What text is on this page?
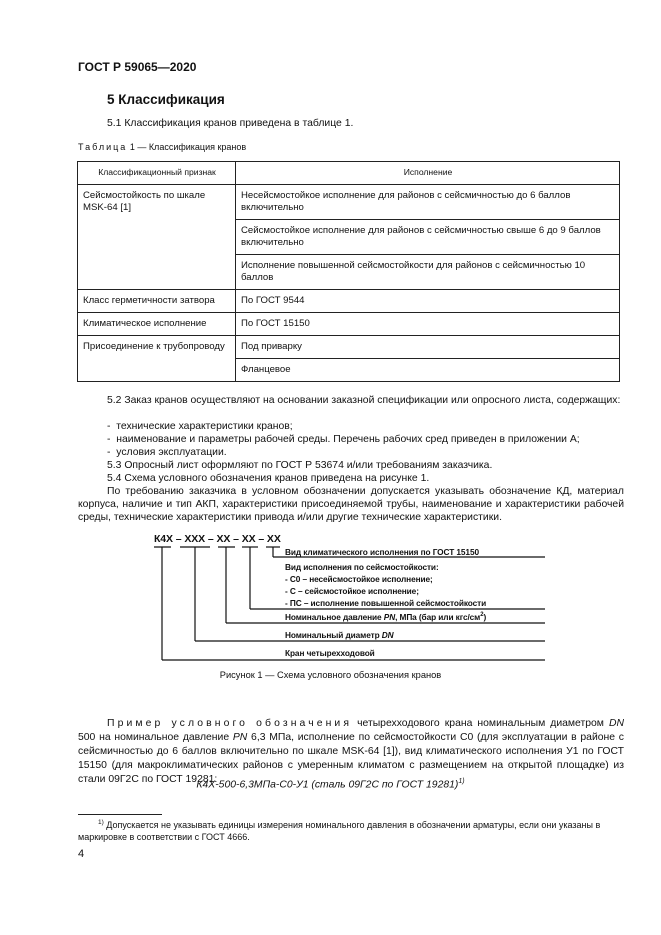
ГОСТ Р 59065—2020
5 Классификация
5.1 Классификация кранов приведена в таблице 1.
Таблица 1 — Классификация кранов
Классификационный признак	Исполнение
Сейсмостойкость по шкале MSK-64 [1]	Несейсмостойкое исполнение для районов с сейсмичностью до 6 баллов включительно
	Сейсмостойкое исполнение для районов с сейсмичностью свыше 6 до 9 баллов включительно
	Исполнение повышенной сейсмостойкости для районов с сейсмичностью 10 баллов
Класс герметичности затвора	По ГОСТ 9544
Климатическое исполнение	По ГОСТ 15150
Присоединение к трубопроводу	Под приварку
	Фланцевое
5.2 Заказ кранов осуществляют на основании заказной спецификации или опросного листа, содержащих:
- технические характеристики кранов;
- наименование и параметры рабочей среды. Перечень рабочих сред приведен в приложении А;
- условия эксплуатации.
5.3 Опросный лист оформляют по ГОСТ Р 53674 и/или требованиям заказчика.
5.4 Схема условного обозначения кранов приведена на рисунке 1.
По требованию заказчика в условном обозначении допускается указывать обозначение КД, материал корпуса, наличие и тип АКП, характеристики присоединяемой трубы, наименование и характеристики рабочей среды, технические характеристики привода и/или другие технические характеристики.
К4Х – ХХХ – ХХ – ХХ – ХХ
Вид климатического исполнения по ГОСТ 15150
Вид исполнения по сейсмостойкости:
- С0 – несейсмостойкое исполнение;
- С – сейсмостойкое исполнение;
- ПС – исполнение повышенной сейсмостойкости
Номинальное давление PN, МПа (бар или кгс/$см^2$)
Номинальный диаметр DN
Кран четырехходовой
Рисунок 1 — Схема условного обозначения кранов
Пример условного обозначения четырехходового крана номинальным диаметром DN 500 на номинальное давление PN 6,3 МПа, исполнение по сейсмостойкости С0 (для эксплуатации в районе с сейсмичностью до 6 баллов включительно по шкале MSK-64 [1]), вид климатического исполнения У1 по ГОСТ 15150 (для макроклиматических районов с умеренным климатом с размещением на открытой площадке) из стали 09Г2С по ГОСТ 19281:
К4Х-500-6,3МПа-С0-У1 (сталь 09Г2С по ГОСТ 19281)$^{1)}$
$^{1)}$ Допускается не указывать единицы измерения номинального давления в обозначении арматуры, если они указаны в маркировке в соответствии с ГОСТ 4666.
4
